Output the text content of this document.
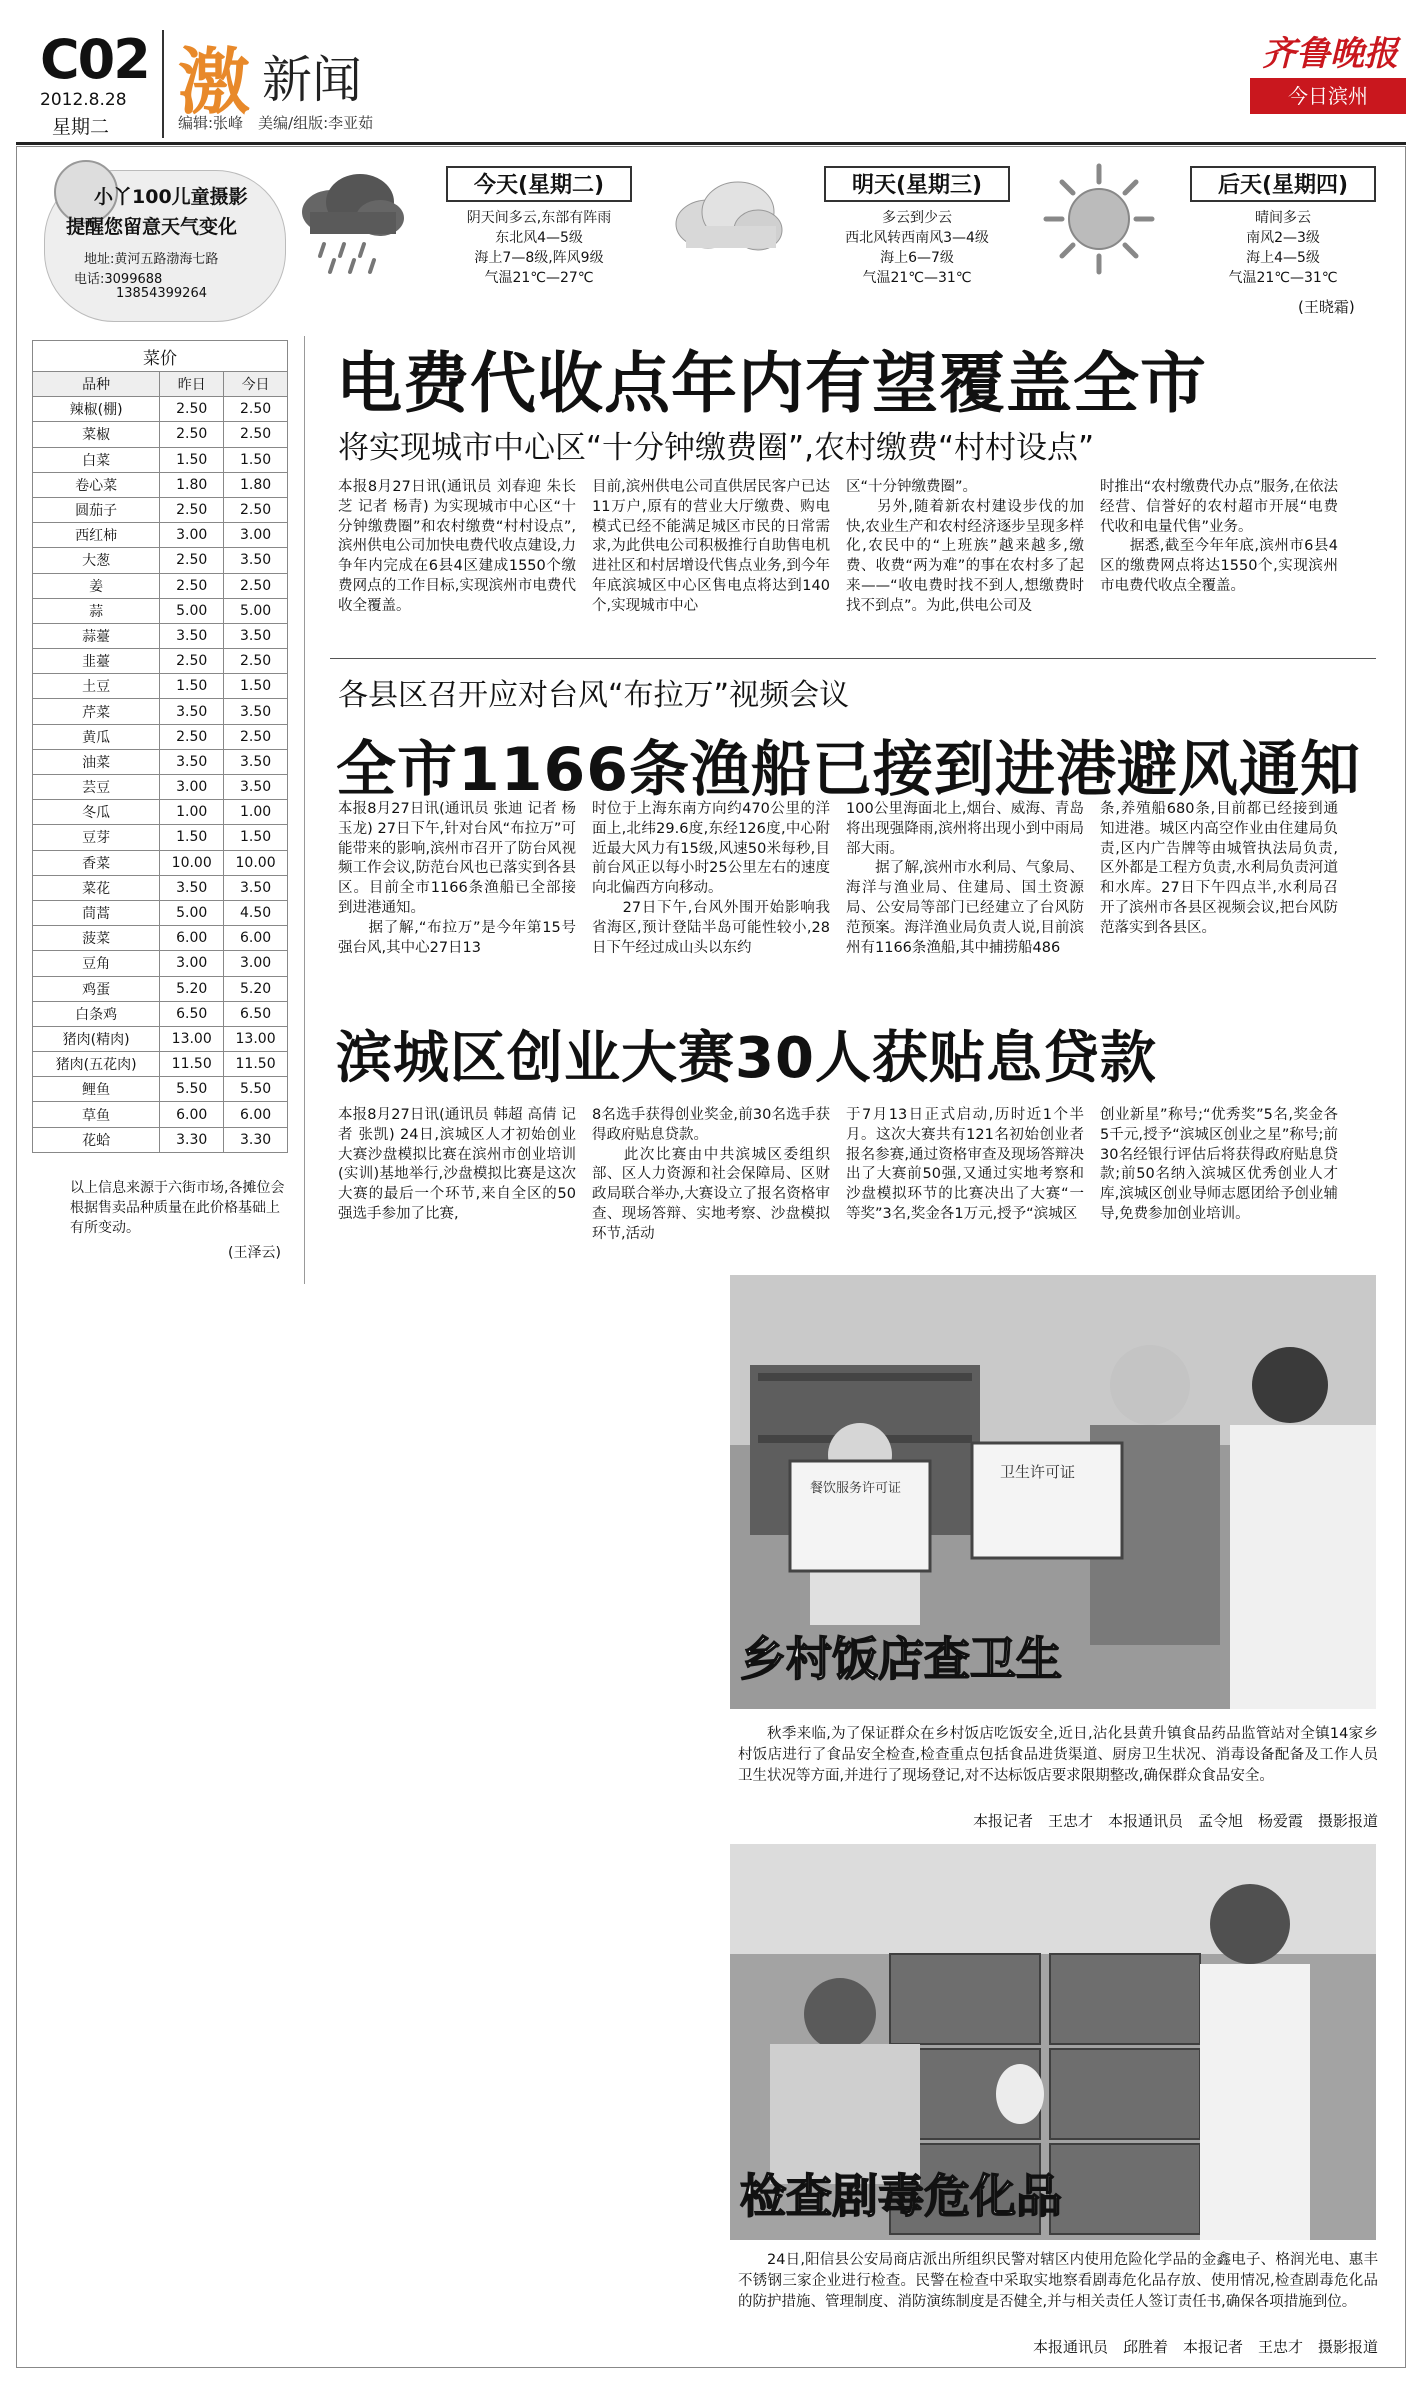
C02
2012.8.28
星期二
激 新闻
编辑:张峰　美编/组版:李亚茹
齐鲁晚报
今日滨州
小丫100儿童摄影
提醒您留意天气变化
地址:黄河五路渤海七路
电话:3099688
13854399264
今天(星期二)
阴天间多云,东部有阵雨
东北风4—5级
海上7—8级,阵风9级
气温21℃—27℃
明天(星期三)
多云到少云
西北风转西南风3—4级
海上6—7级
气温21℃—31℃
后天(星期四)
晴间多云
南风2—3级
海上4—5级
气温21℃—31℃
(王晓霜)
菜价		
品种	昨日	今日
辣椒(棚)	2.50	2.50
菜椒	2.50	2.50
白菜	1.50	1.50
卷心菜	1.80	1.80
圆茄子	2.50	2.50
西红柿	3.00	3.00
大葱	2.50	3.50
姜	2.50	2.50
蒜	5.00	5.00
蒜薹	3.50	3.50
韭薹	2.50	2.50
土豆	1.50	1.50
芹菜	3.50	3.50
黄瓜	2.50	2.50
油菜	3.50	3.50
芸豆	3.00	3.50
冬瓜	1.00	1.00
豆芽	1.50	1.50
香菜	10.00	10.00
菜花	3.50	3.50
茼蒿	5.00	4.50
菠菜	6.00	6.00
豆角	3.00	3.00
鸡蛋	5.20	5.20
白条鸡	6.50	6.50
猪肉(精肉)	13.00	13.00
猪肉(五花肉)	11.50	11.50
鲤鱼	5.50	5.50
草鱼	6.00	6.00
花蛤	3.30	3.30
以上信息来源于六街市场,各摊位会根据售卖品种质量在此价格基础上有所变动。
(王泽云)
电费代收点年内有望覆盖全市
将实现城市中心区“十分钟缴费圈”,农村缴费“村村设点”
本报8月27日讯(通讯员 刘春迎 朱长芝 记者 杨青) 为实现城市中心区“十分钟缴费圈”和农村缴费“村村设点”,滨州供电公司加快电费代收点建设,力争年内完成在6县4区建成1550个缴费网点的工作目标,实现滨州市电费代收全覆盖。
目前,滨州供电公司直供居民客户已达11万户,原有的营业大厅缴费、购电模式已经不能满足城区市民的日常需求,为此供电公司积极推行自助售电机进社区和村居增设代售点业务,到今年年底滨城区中心区售电点将达到140个,实现城市中心
区“十分钟缴费圈”。
　　另外,随着新农村建设步伐的加快,农业生产和农村经济逐步呈现多样化,农民中的“上班族”越来越多,缴费、收费“两为难”的事在农村多了起来——“收电费时找不到人,想缴费时找不到点”。为此,供电公司及
时推出“农村缴费代办点”服务,在依法经营、信誉好的农村超市开展“电费代收和电量代售”业务。
　　据悉,截至今年年底,滨州市6县4区的缴费网点将达1550个,实现滨州市电费代收点全覆盖。
各县区召开应对台风“布拉万”视频会议
全市1166条渔船已接到进港避风通知
本报8月27日讯(通讯员 张迪 记者 杨玉龙) 27日下午,针对台风“布拉万”可能带来的影响,滨州市召开了防台风视频工作会议,防范台风也已落实到各县区。目前全市1166条渔船已全部接到进港通知。
　　据了解,“布拉万”是今年第15号强台风,其中心27日13
时位于上海东南方向约470公里的洋面上,北纬29.6度,东经126度,中心附近最大风力有15级,风速50米每秒,目前台风正以每小时25公里左右的速度向北偏西方向移动。
　　27日下午,台风外围开始影响我省海区,预计登陆半岛可能性较小,28日下午经过成山头以东约
100公里海面北上,烟台、威海、青岛将出现强降雨,滨州将出现小到中雨局部大雨。
　　据了解,滨州市水利局、气象局、海洋与渔业局、住建局、国土资源局、公安局等部门已经建立了台风防范预案。海洋渔业局负责人说,目前滨州有1166条渔船,其中捕捞船486
条,养殖船680条,目前都已经接到通知进港。城区内高空作业由住建局负责,区内广告牌等由城管执法局负责,区外都是工程方负责,水利局负责河道和水库。27日下午四点半,水利局召开了滨州市各县区视频会议,把台风防范落实到各县区。
滨城区创业大赛30人获贴息贷款
本报8月27日讯(通讯员 韩超 高倩 记者 张凯) 24日,滨城区人才初始创业大赛沙盘模拟比赛在滨州市创业培训(实训)基地举行,沙盘模拟比赛是这次大赛的最后一个环节,来自全区的50强选手参加了比赛,
8名选手获得创业奖金,前30名选手获得政府贴息贷款。
　　此次比赛由中共滨城区委组织部、区人力资源和社会保障局、区财政局联合举办,大赛设立了报名资格审查、现场答辩、实地考察、沙盘模拟环节,活动
于7月13日正式启动,历时近1个半月。这次大赛共有121名初始创业者报名参赛,通过资格审查及现场答辩决出了大赛前50强,又通过实地考察和沙盘模拟环节的比赛决出了大赛“一等奖”3名,奖金各1万元,授予“滨城区
创业新星”称号;“优秀奖”5名,奖金各5千元,授予“滨城区创业之星”称号;前30名经银行评估后将获得政府贴息贷款;前50名纳入滨城区优秀创业人才库,滨城区创业导师志愿团给予创业辅导,免费参加创业培训。
餐饮服务许可证
卫生许可证
乡村饭店查卫生
秋季来临,为了保证群众在乡村饭店吃饭安全,近日,沾化县黄升镇食品药品监管站对全镇14家乡村饭店进行了食品安全检查,检查重点包括食品进货渠道、厨房卫生状况、消毒设备配备及工作人员卫生状况等方面,并进行了现场登记,对不达标饭店要求限期整改,确保群众食品安全。
本报记者　王忠才　本报通讯员　孟令旭　杨爱霞　摄影报道
检查剧毒危化品
24日,阳信县公安局商店派出所组织民警对辖区内使用危险化学品的金鑫电子、格润光电、惠丰不锈钢三家企业进行检查。民警在检查中采取实地察看剧毒危化品存放、使用情况,检查剧毒危化品的防护措施、管理制度、消防演练制度是否健全,并与相关责任人签订责任书,确保各项措施到位。
本报通讯员　邱胜着　本报记者　王忠才　摄影报道
